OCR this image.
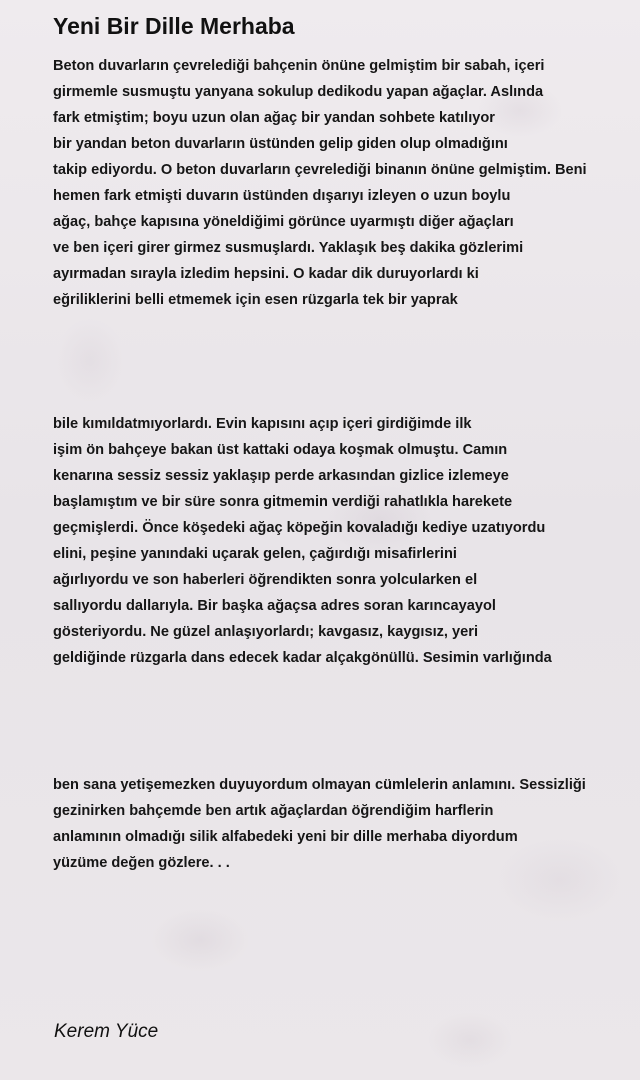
Yeni Bir Dille Merhaba
Beton duvarların çevrelediği bahçenin önüne gelmiştim bir sabah, içeri
girmemle susmuştu yanyana sokulup dedikodu yapan ağaçlar. Aslında
fark etmiştim; boyu uzun olan ağaç bir yandan sohbete katılıyor
bir yandan beton duvarların üstünden gelip giden olup olmadığını
takip ediyordu. O beton duvarların çevrelediği binanın önüne gelmiştim. Beni
hemen fark etmişti duvarın üstünden dışarıyı izleyen o uzun boylu
ağaç, bahçe kapısına yöneldiğimi görünce uyarmıştı diğer ağaçları
ve ben içeri girer girmez susmuşlardı. Yaklaşık beş dakika gözlerimi
ayırmadan sırayla izledim hepsini. O kadar dik duruyorlardı ki
eğriliklerini belli etmemek için esen rüzgarla tek bir yaprak
bile kımıldatmıyorlardı. Evin kapısını açıp içeri girdiğimde ilk
işim ön bahçeye bakan üst kattaki odaya koşmak olmuştu. Camın
kenarına sessiz sessiz yaklaşıp perde arkasından gizlice izlemeye
başlamıştım ve bir süre sonra gitmemin verdiği rahatlıkla harekete
geçmişlerdi. Önce köşedeki ağaç köpeğin kovaladığı kediye uzatıyordu
elini, peşine yanındaki uçarak gelen, çağırdığı misafirlerini
ağırlıyordu ve son haberleri öğrendikten sonra yolcularken el
sallıyordu dallarıyla. Bir başka ağaçsa adres soran karıncayayol
gösteriyordu. Ne güzel anlaşıyorlardı; kavgasız, kaygısız, yeri
geldiğinde rüzgarla dans edecek kadar alçakgönüllü. Sesimin varlığında
ben sana yetişemezken duyuyordum olmayan cümlelerin anlamını. Sessizliği
gezinirken bahçemde ben artık ağaçlardan öğrendiğim harflerin
anlamının olmadığı silik alfabedeki yeni bir dille merhaba diyordum
yüzüme değen gözlere. . .

Kerem Yüce
